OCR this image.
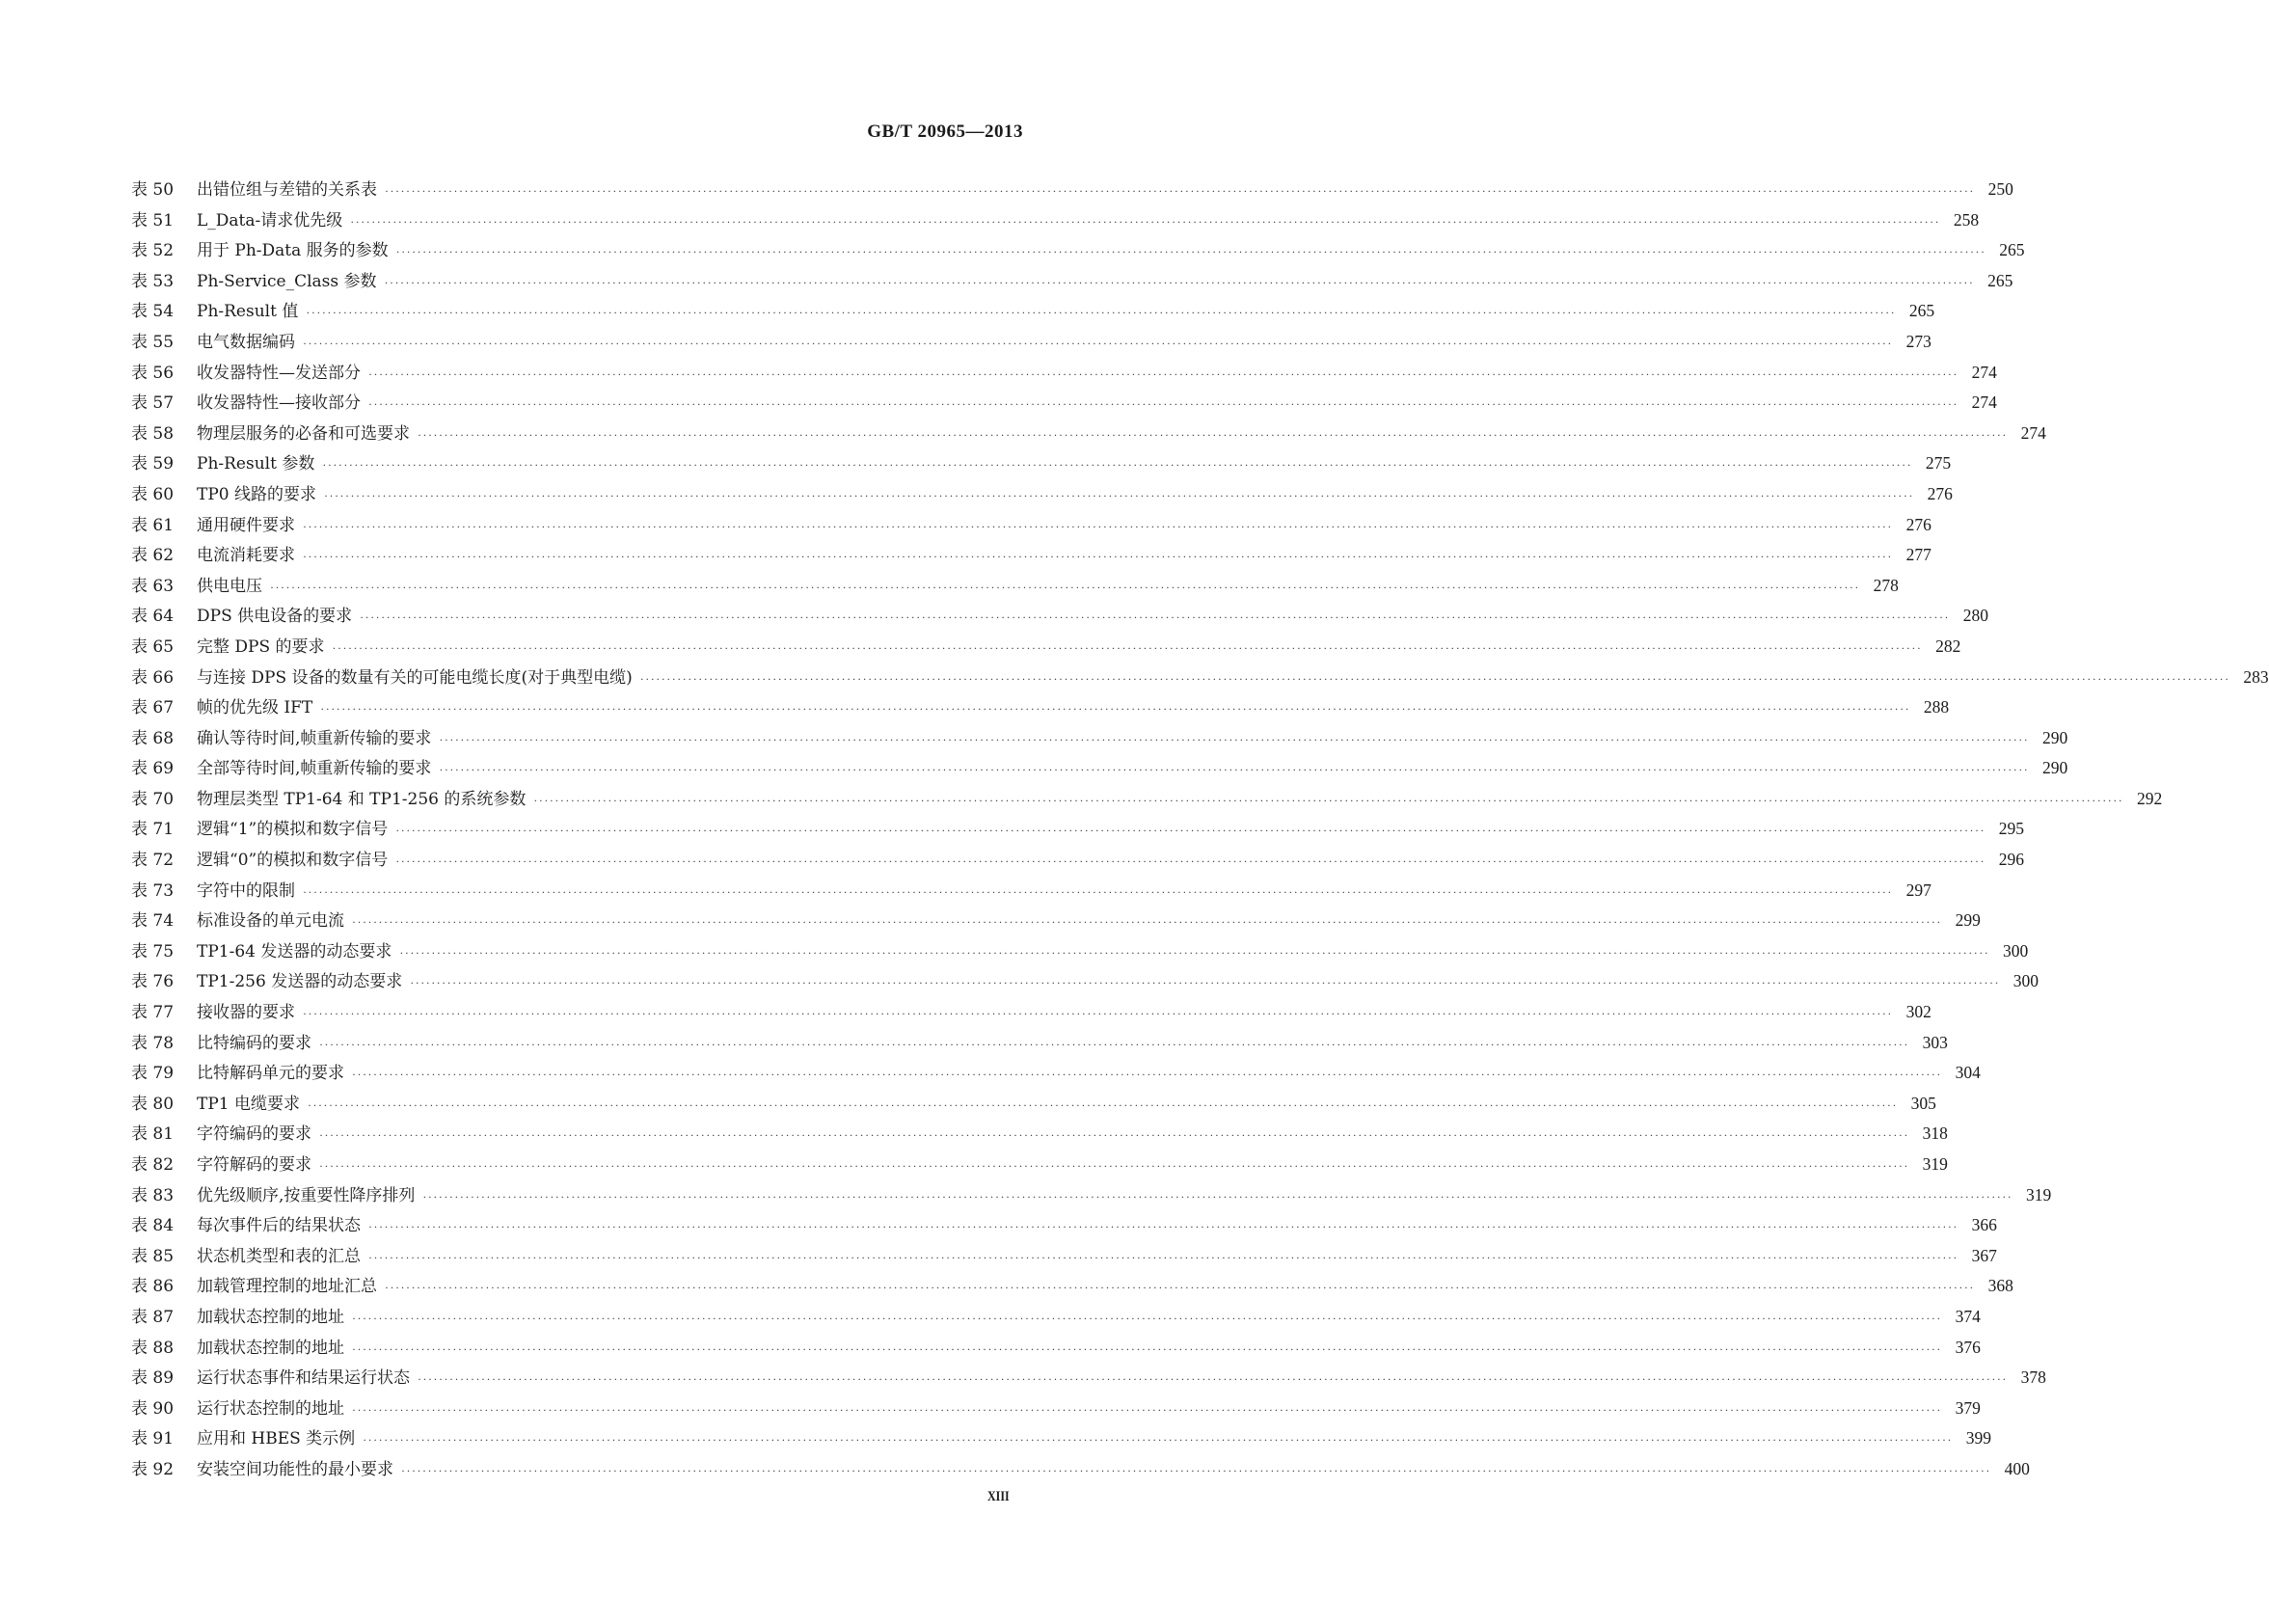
GB/T 20965—2013
表 50	出错位组与差错的关系表 ············································································································································································································································································································ 250
表 51	L_Data-请求优先级 ············································································································································································································································································································ 258
表 52	用于 Ph-Data 服务的参数 ············································································································································································································································································································ 265
表 53	Ph-Service_Class 参数 ············································································································································································································································································································ 265
表 54	Ph-Result 值 ············································································································································································································································································································ 265
表 55	电气数据编码 ············································································································································································································································································································ 273
表 56	收发器特性—发送部分 ············································································································································································································································································································ 274
表 57	收发器特性—接收部分 ············································································································································································································································································································ 274
表 58	物理层服务的必备和可选要求 ············································································································································································································································································································ 274
表 59	Ph-Result 参数 ············································································································································································································································································································ 275
表 60	TP0 线路的要求 ············································································································································································································································································································ 276
表 61	通用硬件要求 ············································································································································································································································································································ 276
表 62	电流消耗要求 ············································································································································································································································································································ 277
表 63	供电电压 ············································································································································································································································································································ 278
表 64	DPS 供电设备的要求 ············································································································································································································································································································ 280
表 65	完整 DPS 的要求 ············································································································································································································································································································ 282
表 66	与连接 DPS 设备的数量有关的可能电缆长度(对于典型电缆) ············································································································································································································································································································ 283
表 67	帧的优先级 IFT ············································································································································································································································································································ 288
表 68	确认等待时间,帧重新传输的要求 ············································································································································································································································································································ 290
表 69	全部等待时间,帧重新传输的要求 ············································································································································································································································································································ 290
表 70	物理层类型 TP1-64 和 TP1-256 的系统参数 ············································································································································································································································································································ 292
表 71	逻辑“1”的模拟和数字信号 ············································································································································································································································································································ 295
表 72	逻辑“0”的模拟和数字信号 ············································································································································································································································································································ 296
表 73	字符中的限制 ············································································································································································································································································································ 297
表 74	标准设备的单元电流 ············································································································································································································································································································ 299
表 75	TP1-64 发送器的动态要求 ············································································································································································································································································································ 300
表 76	TP1-256 发送器的动态要求 ············································································································································································································································································································ 300
表 77	接收器的要求 ············································································································································································································································································································ 302
表 78	比特编码的要求 ············································································································································································································································································································ 303
表 79	比特解码单元的要求 ············································································································································································································································································································ 304
表 80	TP1 电缆要求 ············································································································································································································································································································ 305
表 81	字符编码的要求 ············································································································································································································································································································ 318
表 82	字符解码的要求 ············································································································································································································································································································ 319
表 83	优先级顺序,按重要性降序排列 ············································································································································································································································································································ 319
表 84	每次事件后的结果状态 ············································································································································································································································································································ 366
表 85	状态机类型和表的汇总 ············································································································································································································································································································ 367
表 86	加载管理控制的地址汇总 ············································································································································································································································································································ 368
表 87	加载状态控制的地址 ············································································································································································································································································································ 374
表 88	加载状态控制的地址 ············································································································································································································································································································ 376
表 89	运行状态事件和结果运行状态 ············································································································································································································································································································ 378
表 90	运行状态控制的地址 ············································································································································································································································································································ 379
表 91	应用和 HBES 类示例 ············································································································································································································································································································ 399
表 92	安装空间功能性的最小要求 ············································································································································································································································································································ 400
XIII
